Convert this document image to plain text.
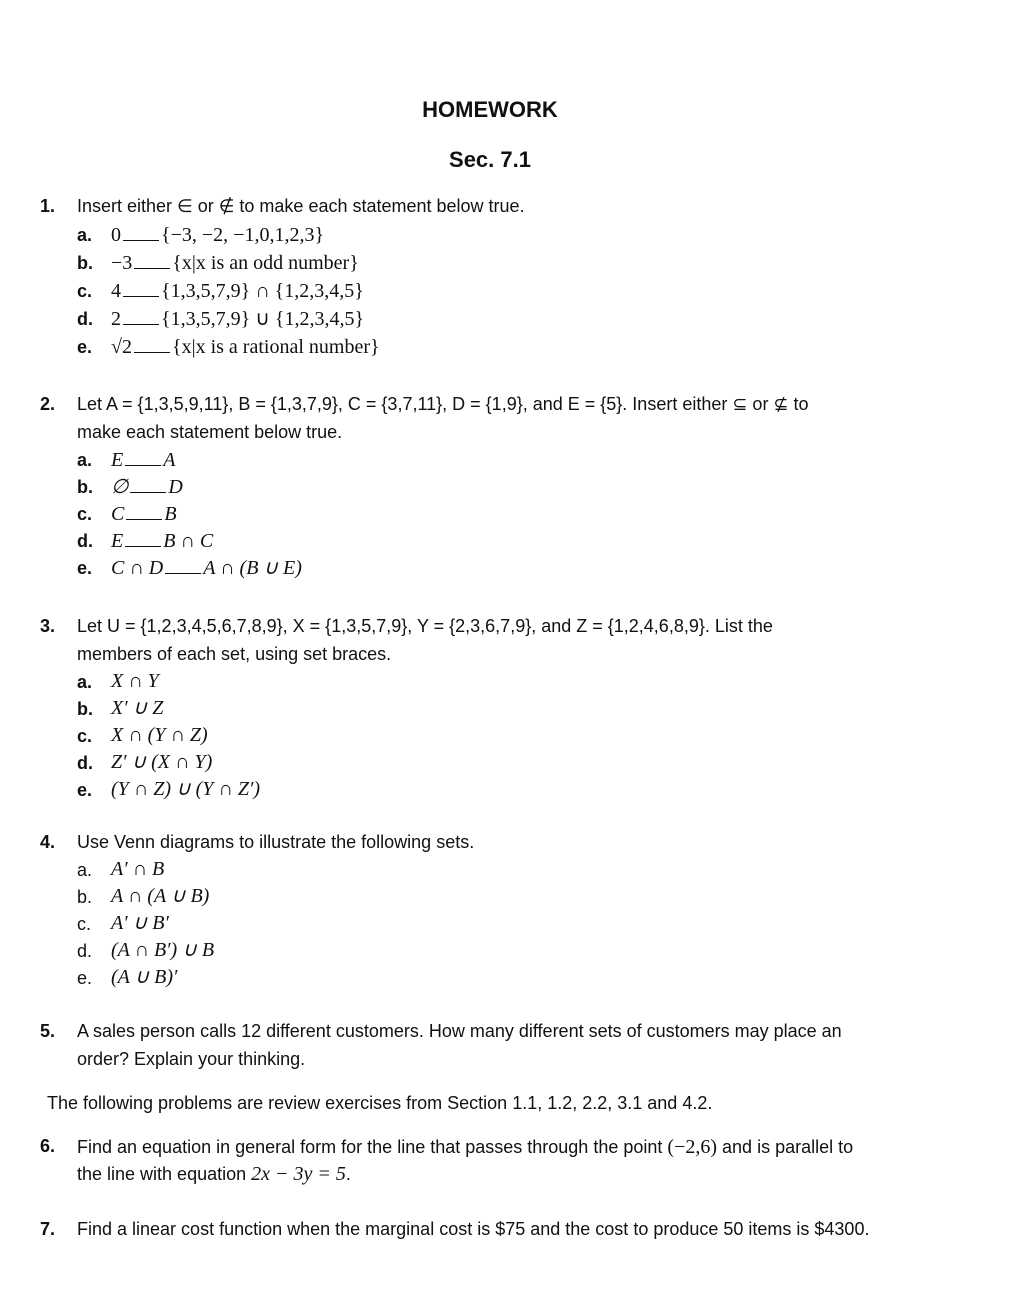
HOMEWORK
Sec. 7.1
1. Insert either ∈ or ∉ to make each statement below true.
a. 0 {−3, −2, −1,0,1,2,3}
b. −3 {x|x is an odd number}
c. 4 {1,3,5,7,9} ∩ {1,2,3,4,5}
d. 2 {1,3,5,7,9} ∪ {1,2,3,4,5}
e. √2 {x|x is a rational number}
2. Let A = {1,3,5,9,11}, B = {1,3,7,9}, C = {3,7,11}, D = {1,9}, and E = {5}. Insert either ⊆ or ⊈ to
make each statement below true.
a. E A
b. ∅ D
c. C B
d. E B ∩ C
e. C ∩ D A ∩ (B ∪ E)
3. Let U = {1,2,3,4,5,6,7,8,9}, X = {1,3,5,7,9}, Y = {2,3,6,7,9}, and Z = {1,2,4,6,8,9}. List the
members of each set, using set braces.
a. X ∩ Y
b. X′ ∪ Z
c. X ∩ (Y ∩ Z)
d. Z′ ∪ (X ∩ Y)
e. (Y ∩ Z) ∪ (Y ∩ Z′)
4. Use Venn diagrams to illustrate the following sets.
a. A′ ∩ B
b. A ∩ (A ∪ B)
c. A′ ∪ B′
d. (A ∩ B′) ∪ B
e. (A ∪ B)′
5. A sales person calls 12 different customers. How many different sets of customers may place an
order? Explain your thinking.
The following problems are review exercises from Section 1.1, 1.2, 2.2, 3.1 and 4.2.
6. Find an equation in general form for the line that passes through the point (−2,6) and is parallel to
the line with equation 2x − 3y = 5.
7. Find a linear cost function when the marginal cost is $75 and the cost to produce 50 items is $4300.
